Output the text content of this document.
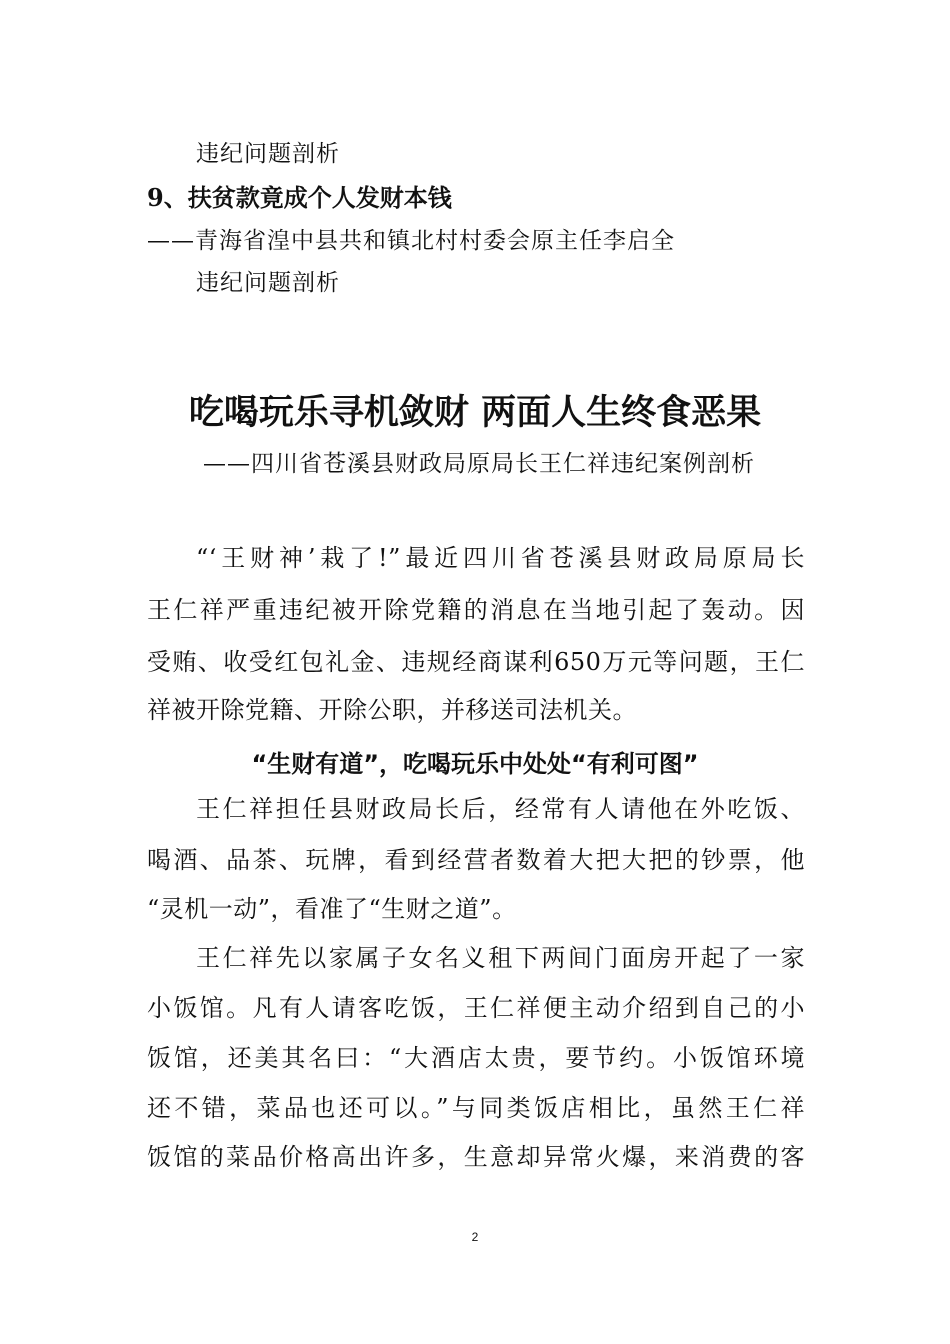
违纪问题剖析
9、扶贫款竟成个人发财本钱
——青海省湟中县共和镇北村村委会原主任李启全
违纪问题剖析
吃喝玩乐寻机敛财 两面人生终食恶果
——四川省苍溪县财政局原局长王仁祥违纪案例剖析
“‘王财神’栽了!”最近四川省苍溪县财政局原局长
王仁祥严重违纪被开除党籍的消息在当地引起了轰动。因
受贿、收受红包礼金、违规经商谋利650万元等问题，王仁
祥被开除党籍、开除公职，并移送司法机关。
“生财有道”，吃喝玩乐中处处“有利可图”
王仁祥担任县财政局长后，经常有人请他在外吃饭、
喝酒、品茶、玩牌，看到经营者数着大把大把的钞票，他
“灵机一动”，看准了“生财之道”。
王仁祥先以家属子女名义租下两间门面房开起了一家
小饭馆。凡有人请客吃饭，王仁祥便主动介绍到自己的小
饭馆，还美其名曰：“大酒店太贵，要节约。小饭馆环境
还不错，菜品也还可以。”与同类饭店相比，虽然王仁祥
饭馆的菜品价格高出许多，生意却异常火爆，来消费的客
2
